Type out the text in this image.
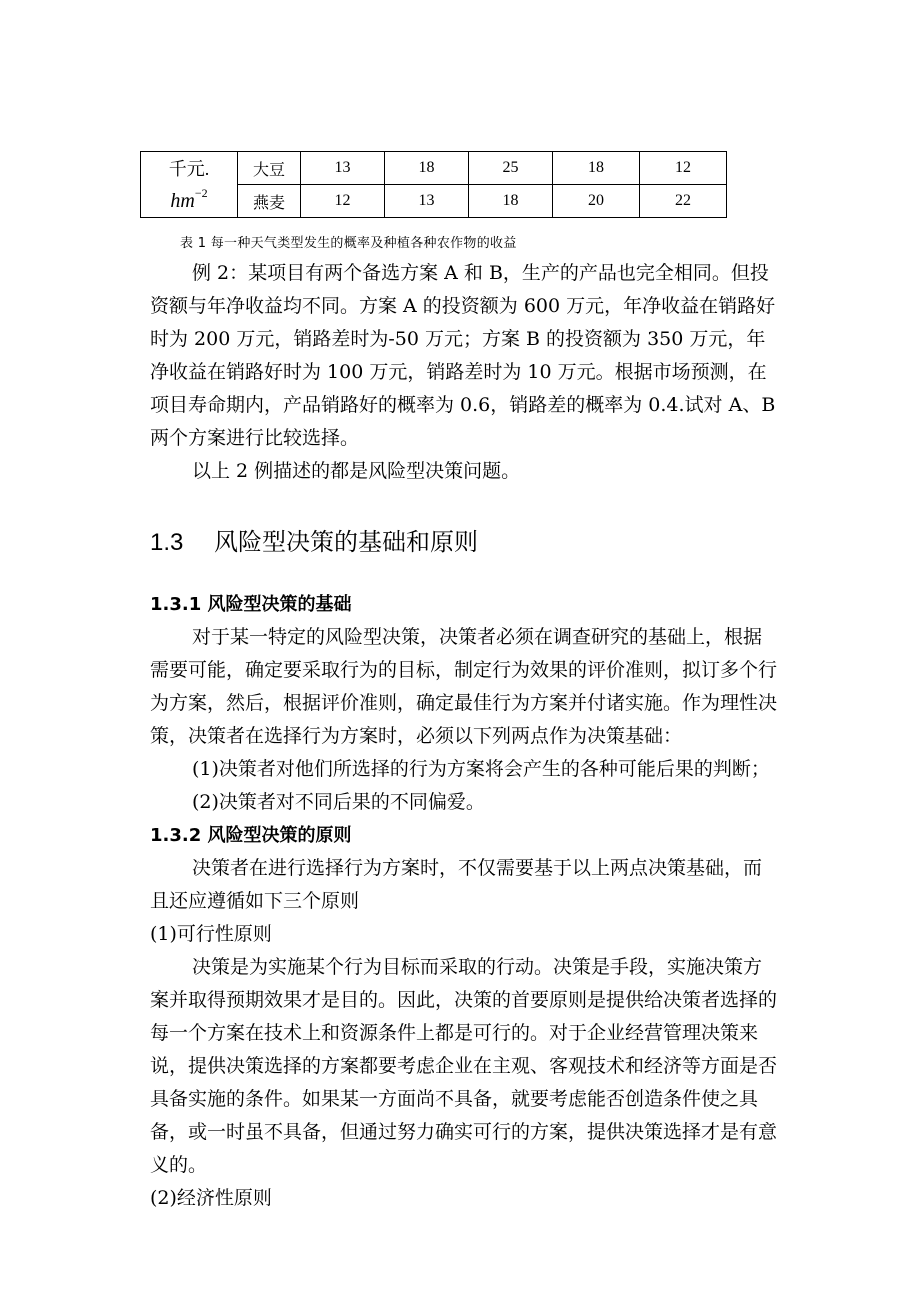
千元.
$hm^{-2}$	大豆	13	18	25	18	12
	燕麦	12	13	18	20	22
表 1 每一种天气类型发生的概率及种植各种农作物的收益

例 2：某项目有两个备选方案 A 和 B，生产的产品也完全相同。但投资额与年净收益均不同。方案 A 的投资额为 600 万元，年净收益在销路好时为 200 万元，销路差时为-50 万元；方案 B 的投资额为 350 万元，年净收益在销路好时为 100 万元，销路差时为 10 万元。根据市场预测，在项目寿命期内，产品销路好的概率为 0.6，销路差的概率为 0.4.试对 A、B 两个方案进行比较选择。

以上 2 例描述的都是风险型决策问题。

1.3 风险型决策的基础和原则

1.3.1 风险型决策的基础

对于某一特定的风险型决策，决策者必须在调查研究的基础上，根据需要可能，确定要采取行为的目标，制定行为效果的评价准则，拟订多个行为方案，然后，根据评价准则，确定最佳行为方案并付诸实施。作为理性决策，决策者在选择行为方案时，必须以下列两点作为决策基础：

(1)决策者对他们所选择的行为方案将会产生的各种可能后果的判断；

(2)决策者对不同后果的不同偏爱。

1.3.2 风险型决策的原则

决策者在进行选择行为方案时，不仅需要基于以上两点决策基础，而且还应遵循如下三个原则

(1)可行性原则

决策是为实施某个行为目标而采取的行动。决策是手段，实施决策方案并取得预期效果才是目的。因此，决策的首要原则是提供给决策者选择的每一个方案在技术上和资源条件上都是可行的。对于企业经营管理决策来说，提供决策选择的方案都要考虑企业在主观、客观技术和经济等方面是否具备实施的条件。如果某一方面尚不具备，就要考虑能否创造条件使之具备，或一时虽不具备，但通过努力确实可行的方案，提供决策选择才是有意义的。

(2)经济性原则
